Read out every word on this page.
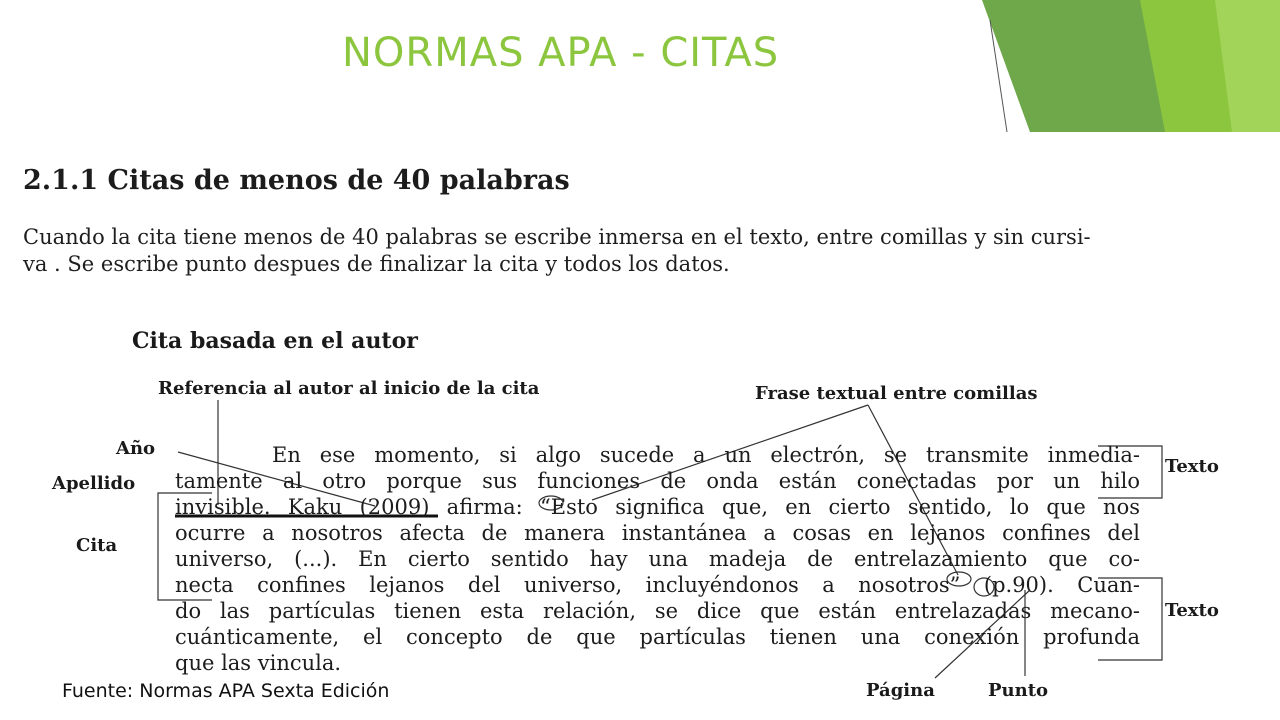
NORMAS APA - CITAS
2.1.1 Citas de menos de 40 palabras
Cuando la cita tiene menos de 40 palabras se escribe inmersa en el texto, entre comillas y sin cursi-
va . Se escribe punto despues de finalizar la cita y todos los datos.
Cita basada en el autor
Referencia al autor al inicio de la cita	Frase textual entre comillas
Año
Apellido
Cita
Texto
Texto
Página	Punto
En ese momento, si algo sucede a un electrón, se transmite inmedia-
tamente al otro porque sus funciones de onda están conectadas por un hilo
invisible. Kaku (2009) afirma: “Esto significa que, en cierto sentido, lo que nos
ocurre a nosotros afecta de manera instantánea a cosas en lejanos confines del
universo, (...). En cierto sentido hay una madeja de entrelazamiento que co-
necta confines lejanos del universo, incluyéndonos a nosotros” (p.90). Cuan-
do las partículas tienen esta relación, se dice que están entrelazadas mecano-
cuánticamente, el concepto de que partículas tienen una conexión profunda
que las vincula.
Fuente: Normas APA Sexta Edición
